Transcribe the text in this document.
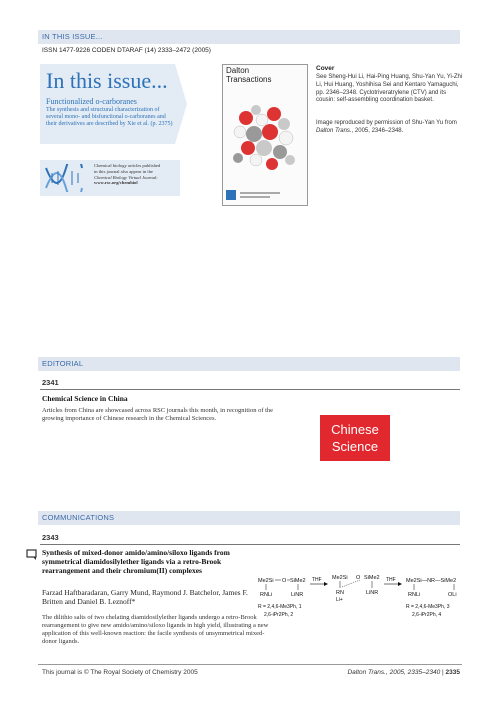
IN THIS ISSUE...
ISSN 1477-9226 CODEN DTARAF (14) 2333–2472 (2005)
In this issue...
Functionalized o-carboranes
The synthesis and structural characterization of several mono- and bisfunctional o-carboranes and their derivatives are described by Xie et al. (p. 2375)
Chemical biology articles published
in this journal also appear in the
Chemical Biology Virtual Journal:
www.rsc.org/chembiol
Dalton
Transactions
Cover
See Sheng-Hui Li, Hai-Ping Huang, Shu-Yan Yu, Yi-Zhi Li, Hui Huang, Yoshihisa Sei and Kentaro Yamaguchi, pp. 2346–2348. Cyclotriveratrylene (CTV) and its cousin: self-assembling coordination basket.
Image reproduced by permission of Shu-Yan Yu from Dalton Trans., 2005, 2346–2348.
EDITORIAL
2341
Chemical Science in China
Articles from China are showcased across RSC journals this month, in recognition of the growing importance of Chinese research in the Chemical Sciences.
Chinese
Science
COMMUNICATIONS
2343
Synthesis of mixed-donor amido/amino/siloxo ligands from symmetrical diamidosilylether ligands via a retro-Brook rearrangement and their chromium(II) complexes
Farzad Haftbaradaran, Garry Mund, Raymond J. Batchelor, James F. Britten and Daniel B. Leznoff*
The dilithio salts of two chelating diamidosilylether ligands undergo a retro-Brook rearrangement to give new amido/amino/siloxo ligands in high yield, illustrating a new application of this well-known reaction: the facile synthesis of unsymmetrical mixed-donor ligands.
Me2Si O SiMe2
RNLi	LiNR
R = 2,4,6-Me3Ph, 1
2,6-iPr2Ph, 2
THF Me2Si O SiMe2
RN	LiNR
Li+
THF Me2Si—NR—SiMe2
RNLi	OLi
R = 2,4,6-Me3Ph, 3
2,6-iPr2Ph, 4
This journal is © The Royal Society of Chemistry 2005	Dalton Trans., 2005, 2335–2340 | 2335
